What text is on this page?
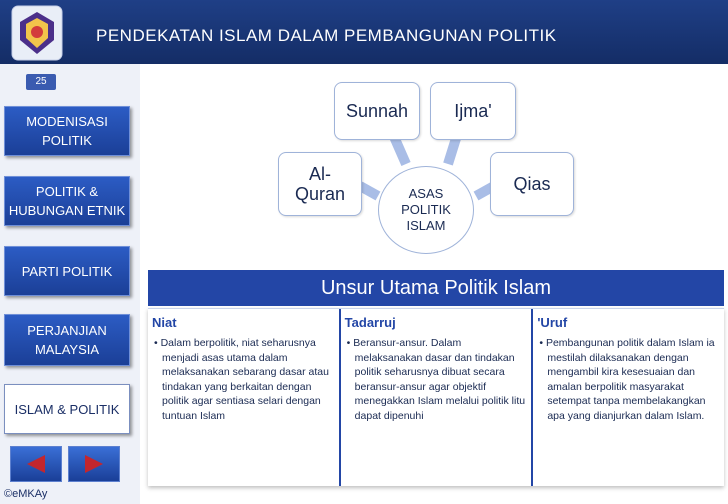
PENDEKATAN ISLAM DALAM PEMBANGUNAN POLITIK
25
MODENISASI
POLITIK
POLITIK &
HUBUNGAN ETNIK
PARTI POLITIK
PERJANJIAN
MALAYSIA
ISLAM & POLITIK
©eMKAy
Al-
Quran
Sunnah	Ijma'
Qias
ASAS
POLITIK
ISLAM
Unsur Utama Politik Islam
Niat
• Dalam berpolitik, niat seharusnya menjadi asas utama dalam melaksanakan sebarang dasar atau tindakan yang berkaitan dengan politik agar sentiasa selari dengan tuntuan Islam
Tadarruj
• Beransur-ansur. Dalam melaksanakan dasar dan tindakan politik seharusnya dibuat secara beransur-ansur agar objektif menegakkan Islam melalui politik litu dapat dipenuhi
'Uruf
• Pembangunan politik dalam Islam ia mestilah dilaksanakan dengan mengambil kira kesesuaian dan amalan berpolitik masyarakat setempat tanpa membelakangkan apa yang dianjurkan dalam Islam.
